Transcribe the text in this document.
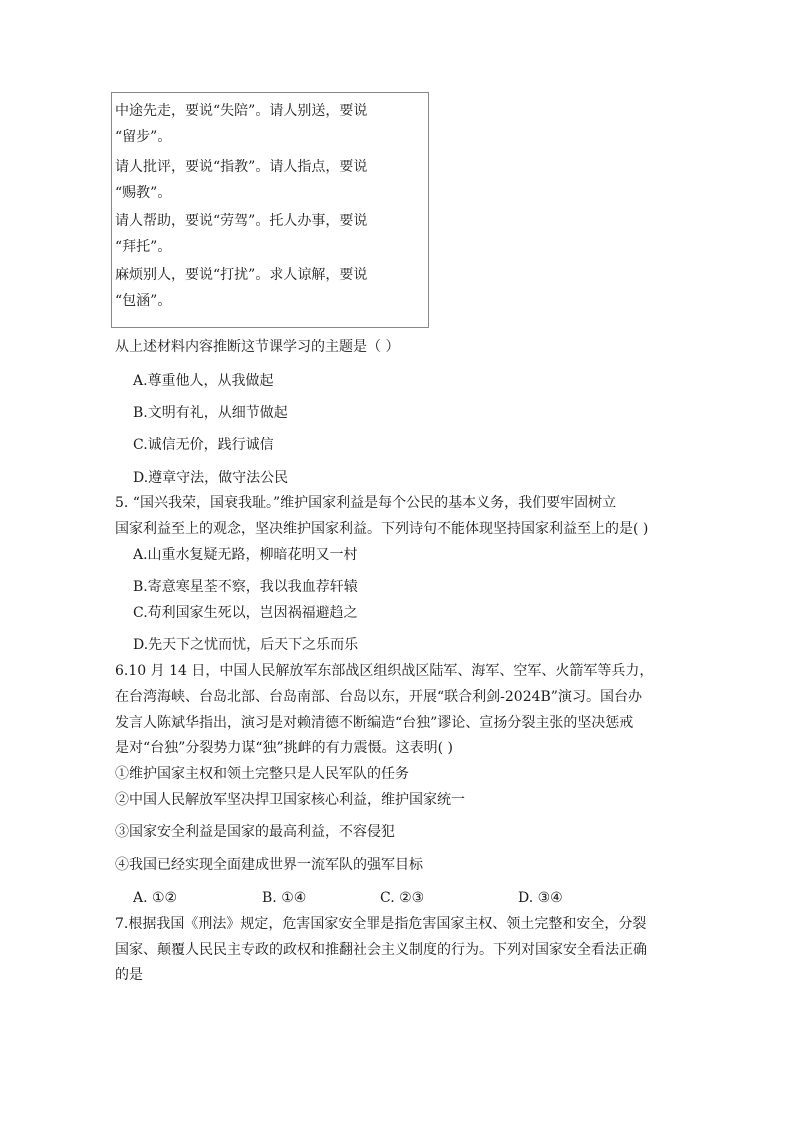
中途先走，要说“失陪”。请人别送，要说
“留步”。
请人批评，要说“指教”。请人指点，要说
“赐教”。
请人帮助，要说“劳驾”。托人办事，要说
“拜托”。
麻烦别人，要说“打扰”。求人谅解，要说
“包涵”。
从上述材料内容推断这节课学习的主题是（ ）
A.尊重他人，从我做起
B.文明有礼，从细节做起
C.诚信无价，践行诚信
D.遵章守法，做守法公民
5. “国兴我荣，国衰我耻。”维护国家利益是每个公民的基本义务，我们要牢固树立
国家利益至上的观念，坚决维护国家利益。下列诗句不能体现坚持国家利益至上的是( )
A.山重水复疑无路，柳暗花明又一村
B.寄意寒星荃不察，我以我血荐轩辕
C.苟利国家生死以，岂因祸福避趋之
D.先天下之忧而忧，后天下之乐而乐
6.10 月 14 日，中国人民解放军东部战区组织战区陆军、海军、空军、火箭军等兵力，
在台湾海峡、台岛北部、台岛南部、台岛以东，开展“联合利剑-2024B”演习。国台办
发言人陈斌华指出，演习是对赖清德不断编造“台独”谬论、宣扬分裂主张的坚决惩戒
是对“台独”分裂势力谋“独”挑衅的有力震慑。这表明( )
①维护国家主权和领土完整只是人民军队的任务
②中国人民解放军坚决捍卫国家核心利益，维护国家统一
③国家安全利益是国家的最高利益，不容侵犯
④我国已经实现全面建成世界一流军队的强军目标
A. ①②	B. ①④	C. ②③	D. ③④
7.根据我国《刑法》规定，危害国家安全罪是指危害国家主权、领土完整和安全，分裂
国家、颠覆人民民主专政的政权和推翻社会主义制度的行为。下列对国家安全看法正确
的是
